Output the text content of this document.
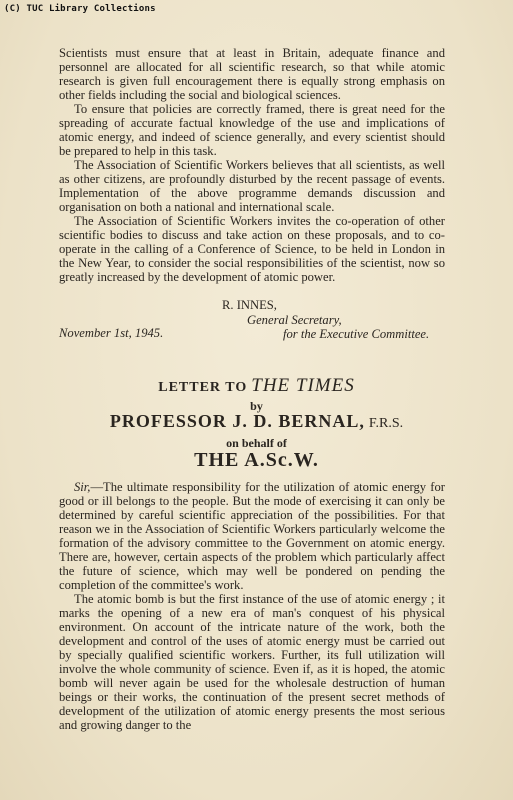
(C) TUC Library Collections

Scientists must ensure that at least in Britain, adequate finance and personnel are allocated for all scientific research, so that while atomic research is given full encouragement there is equally strong emphasis on other fields including the social and biological sciences.

To ensure that policies are correctly framed, there is great need for the spreading of accurate factual knowledge of the use and implications of atomic energy, and indeed of science generally, and every scientist should be prepared to help in this task.

The Association of Scientific Workers believes that all scientists, as well as other citizens, are profoundly disturbed by the recent passage of events. Implementation of the above programme demands discussion and organisation on both a national and international scale.

The Association of Scientific Workers invites the co-operation of other scientific bodies to discuss and take action on these proposals, and to co-operate in the calling of a Conference of Science, to be held in London in the New Year, to consider the social responsibilities of the scientist, now so greatly increased by the development of atomic power.

R. INNES,
General Secretary,
November 1st, 1945.	for the Executive Committee.
LETTER TO THE TIMES
by
PROFESSOR J. D. BERNAL, F.R.S.
on behalf of
THE A.Sc.W.

Sir,—The ultimate responsibility for the utilization of atomic energy for good or ill belongs to the people. But the mode of exercising it can only be determined by careful scientific appreciation of the possibilities. For that reason we in the Association of Scientific Workers particularly welcome the formation of the advisory committee to the Government on atomic energy. There are, however, certain aspects of the problem which particularly affect the future of science, which may well be pondered on pending the completion of the committee's work.

The atomic bomb is but the first instance of the use of atomic energy ; it marks the opening of a new era of man's conquest of his physical environment. On account of the intricate nature of the work, both the development and control of the uses of atomic energy must be carried out by specially qualified scientific workers. Further, its full utilization will involve the whole community of science. Even if, as it is hoped, the atomic bomb will never again be used for the wholesale destruction of human beings or their works, the continuation of the present secret methods of development of the utilization of atomic energy presents the most serious and growing danger to the
